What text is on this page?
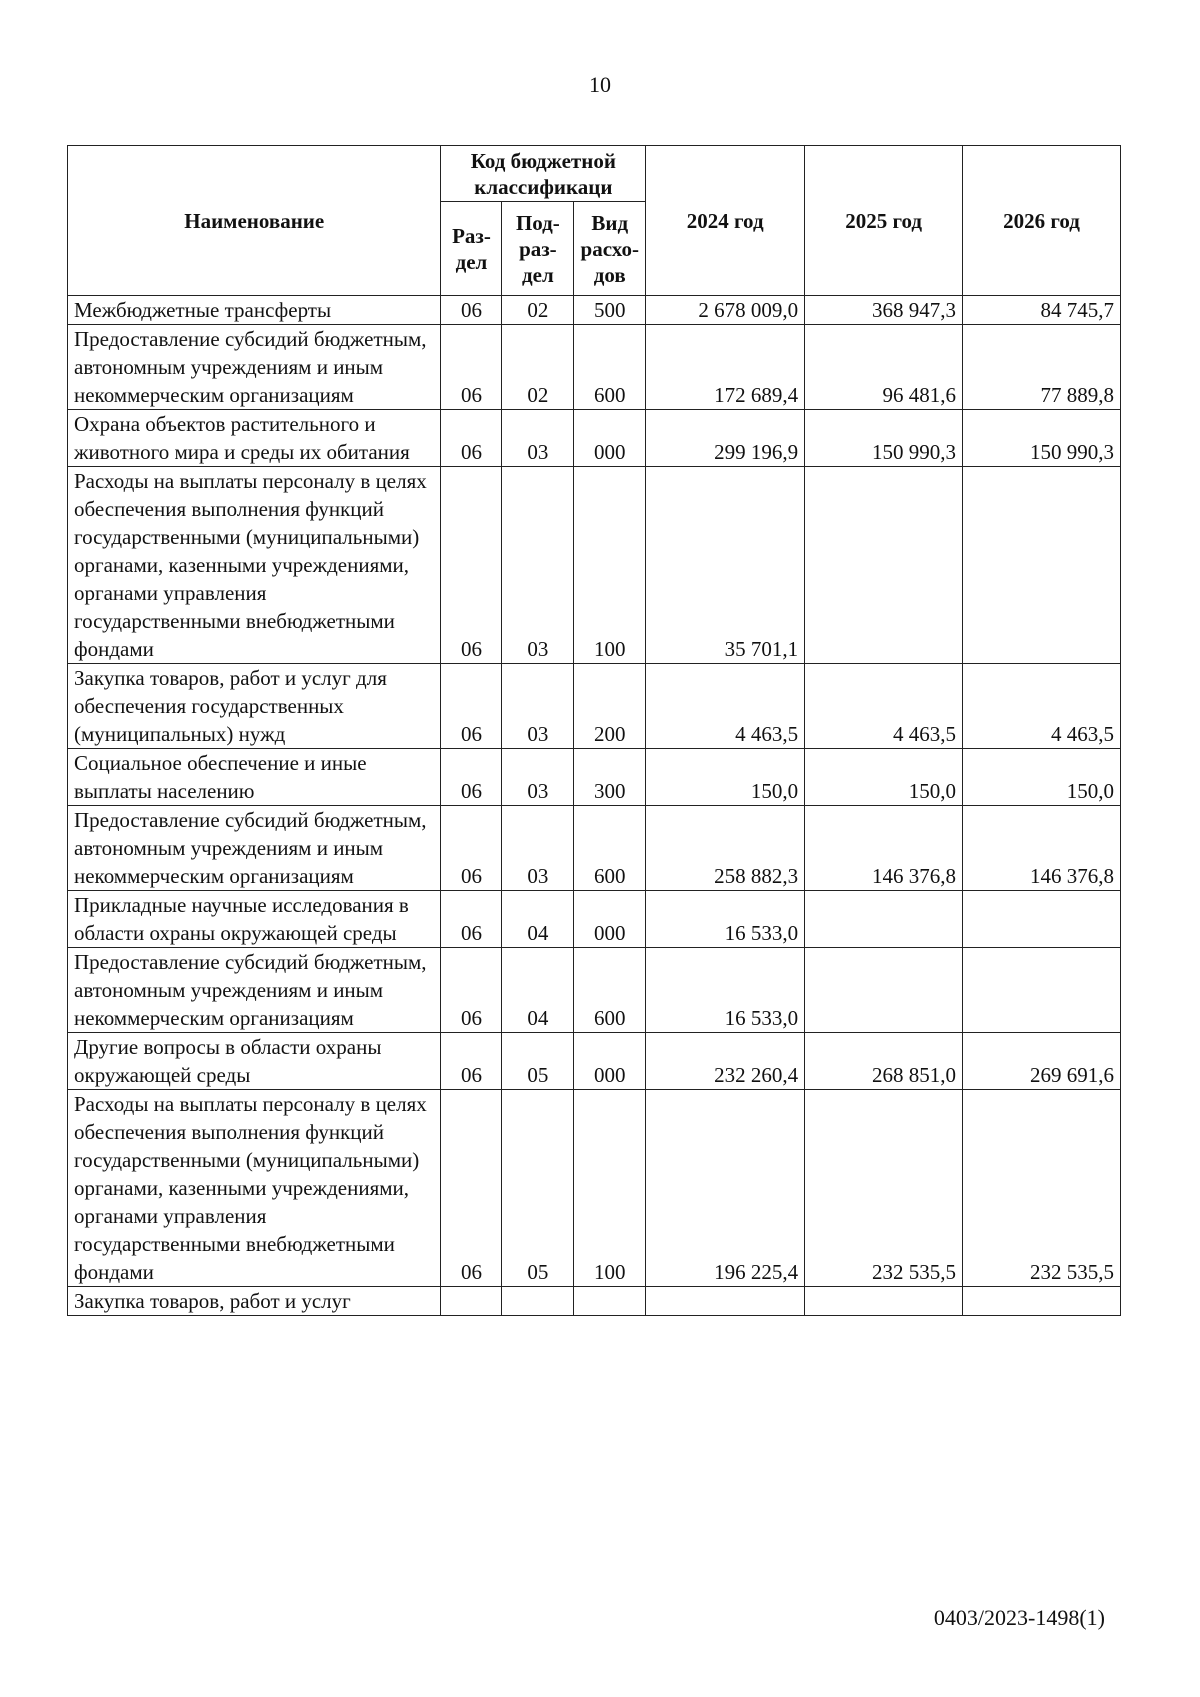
10
Наименование	Код бюджетной классификаци			2024 год	2025 год	2026 год
	Раз- дел	Под- раз- дел	Вид расхо- дов			
Межбюджетные трансферты	06	02	500	2 678 009,0	368 947,3	84 745,7
Предоставление субсидий бюджетным, автономным учреждениям и иным некоммерческим организациям	06	02	600	172 689,4	96 481,6	77 889,8
Охрана объектов растительного и животного мира и среды их обитания	06	03	000	299 196,9	150 990,3	150 990,3
Расходы на выплаты персоналу в целях обеспечения выполнения функций государственными (муниципальными) органами, казенными учреждениями, органами управления государственными внебюджетными фондами	06	03	100	35 701,1		
Закупка товаров, работ и услуг для обеспечения государственных (муниципальных) нужд	06	03	200	4 463,5	4 463,5	4 463,5
Социальное обеспечение и иные выплаты населению	06	03	300	150,0	150,0	150,0
Предоставление субсидий бюджетным, автономным учреждениям и иным некоммерческим организациям	06	03	600	258 882,3	146 376,8	146 376,8
Прикладные научные исследования в области охраны окружающей среды	06	04	000	16 533,0		
Предоставление субсидий бюджетным, автономным учреждениям и иным некоммерческим организациям	06	04	600	16 533,0		
Другие вопросы в области охраны окружающей среды	06	05	000	232 260,4	268 851,0	269 691,6
Расходы на выплаты персоналу в целях обеспечения выполнения функций государственными (муниципальными) органами, казенными учреждениями, органами управления государственными внебюджетными фондами	06	05	100	196 225,4	232 535,5	232 535,5
Закупка товаров, работ и услуг						
0403/2023-1498(1)
